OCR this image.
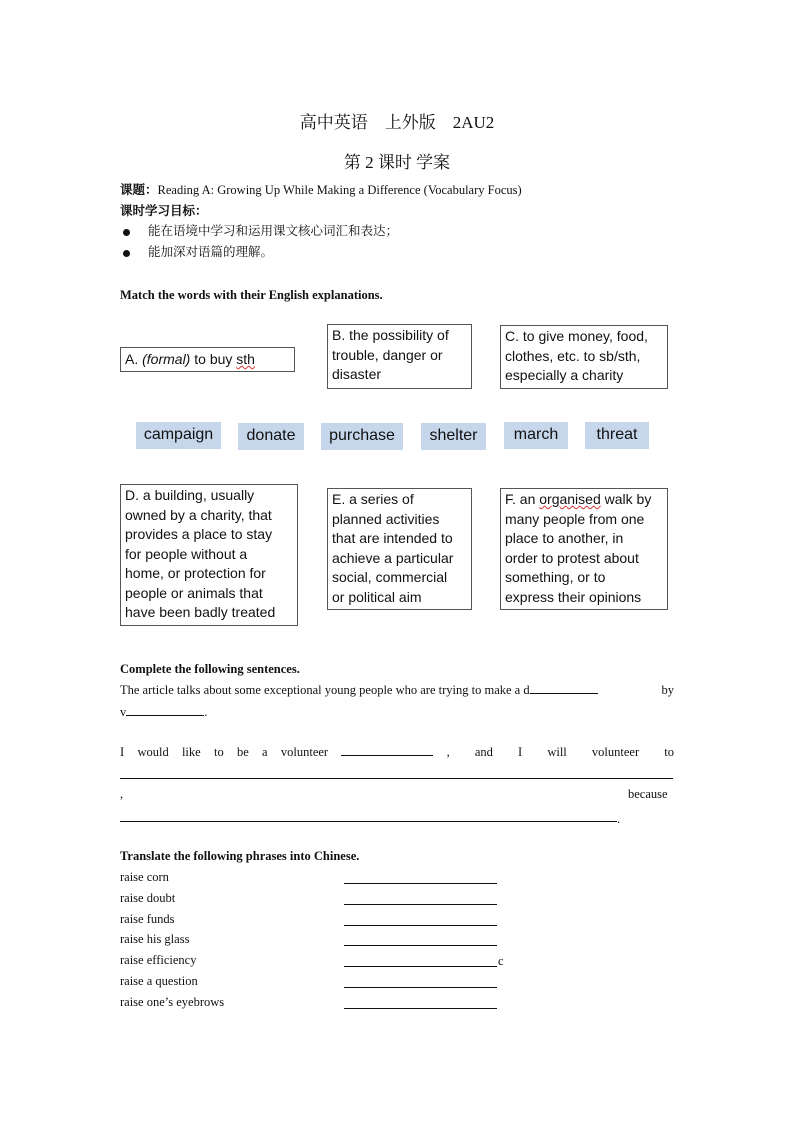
高中英语　上外版　2AU2
第 2 课时 学案
课题：Reading A: Growing Up While Making a Difference (Vocabulary Focus)
课时学习目标：
能在语境中学习和运用课文核心词汇和表达；
能加深对语篇的理解。
Match the words with their English explanations.
A. (formal) to buy sth
B. the possibility of
trouble, danger or
disaster
C. to give money, food,
clothes, etc. to sb/sth,
especially a charity
campaign	donate	purchase	shelter	march	threat
D. a building, usually
owned by a charity, that
provides a place to stay
for people without a
home, or protection for
people or animals that
have been badly treated
E. a series of
planned activities
that are intended to
achieve a particular
social, commercial
or political aim
F. an organised walk by
many people from one
place to another, in
order to protest about
something, or to
express their opinions
Complete the following sentences.
The article talks about some exceptional young people who are trying to make a d	by
v	.
I would like to be a volunteer	, and I will volunteer to
,	because
.
Translate the following phrases into Chinese.
raise corn
raise doubt
raise funds
raise his glass
raise efficiency	c
raise a question
raise one’s eyebrows
